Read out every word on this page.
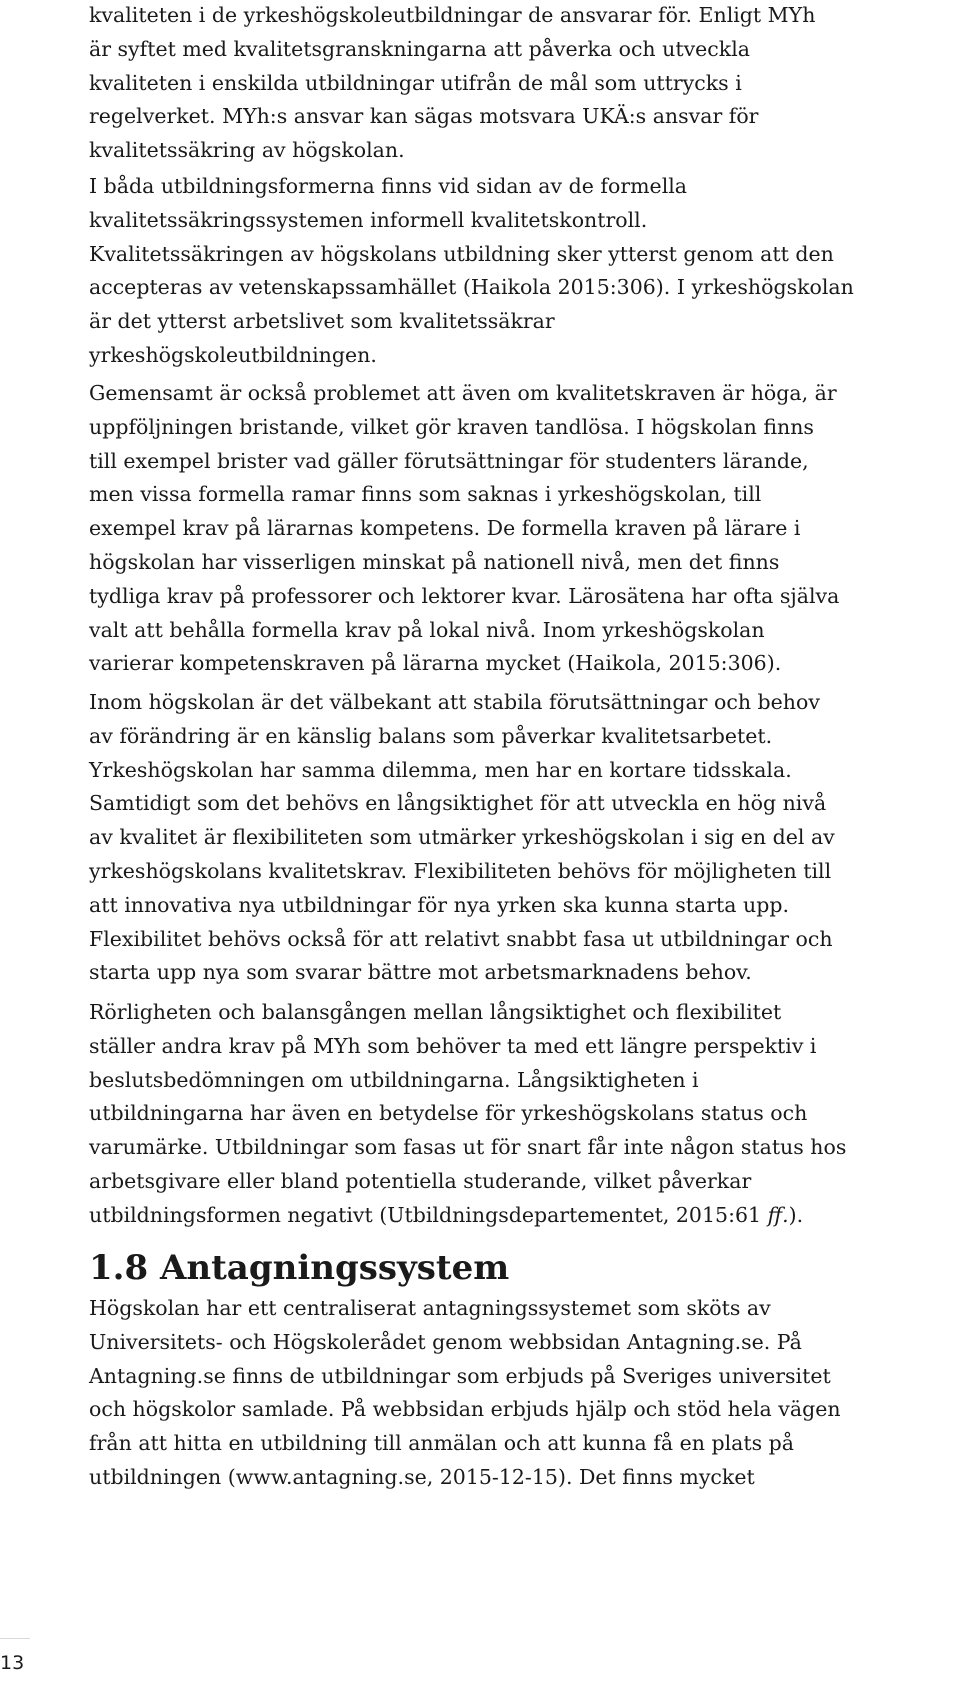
kvaliteten i de yrkeshögskoleutbildningar de ansvarar för. Enligt MYh
är syftet med kvalitetsgranskningarna att påverka och utveckla
kvaliteten i enskilda utbildningar utifrån de mål som uttrycks i
regelverket. MYh:s ansvar kan sägas motsvara UKÄ:s ansvar för
kvalitetssäkring av högskolan.

I båda utbildningsformerna finns vid sidan av de formella
kvalitetssäkringssystemen informell kvalitetskontroll.
Kvalitetssäkringen av högskolans utbildning sker ytterst genom att den
accepteras av vetenskapssamhället (Haikola 2015:306). I yrkeshögskolan
är det ytterst arbetslivet som kvalitetssäkrar
yrkeshögskoleutbildningen.

Gemensamt är också problemet att även om kvalitetskraven är höga, är
uppföljningen bristande, vilket gör kraven tandlösa. I högskolan finns
till exempel brister vad gäller förutsättningar för studenters lärande,
men vissa formella ramar finns som saknas i yrkeshögskolan, till
exempel krav på lärarnas kompetens. De formella kraven på lärare i
högskolan har visserligen minskat på nationell nivå, men det finns
tydliga krav på professorer och lektorer kvar. Lärosätena har ofta själva
valt att behålla formella krav på lokal nivå. Inom yrkeshögskolan
varierar kompetenskraven på lärarna mycket (Haikola, 2015:306).

Inom högskolan är det välbekant att stabila förutsättningar och behov
av förändring är en känslig balans som påverkar kvalitetsarbetet.
Yrkeshögskolan har samma dilemma, men har en kortare tidsskala.
Samtidigt som det behövs en långsiktighet för att utveckla en hög nivå
av kvalitet är flexibiliteten som utmärker yrkeshögskolan i sig en del av
yrkeshögskolans kvalitetskrav. Flexibiliteten behövs för möjligheten till
att innovativa nya utbildningar för nya yrken ska kunna starta upp.
Flexibilitet behövs också för att relativt snabbt fasa ut utbildningar och
starta upp nya som svarar bättre mot arbetsmarknadens behov.

Rörligheten och balansgången mellan långsiktighet och flexibilitet
ställer andra krav på MYh som behöver ta med ett längre perspektiv i
beslutsbedömningen om utbildningarna. Långsiktigheten i
utbildningarna har även en betydelse för yrkeshögskolans status och
varumärke. Utbildningar som fasas ut för snart får inte någon status hos
arbetsgivare eller bland potentiella studerande, vilket påverkar
utbildningsformen negativt (Utbildningsdepartementet, 2015:61 ff.).

Högskolan har ett centraliserat antagningssystemet som sköts av
Universitets- och Högskolerådet genom webbsidan Antagning.se. På
Antagning.se finns de utbildningar som erbjuds på Sveriges universitet
och högskolor samlade. På webbsidan erbjuds hjälp och stöd hela vägen
från att hitta en utbildning till anmälan och att kunna få en plats på
utbildningen (www.antagning.se, 2015-12-15). Det finns mycket

1.8 Antagningssystem
13
